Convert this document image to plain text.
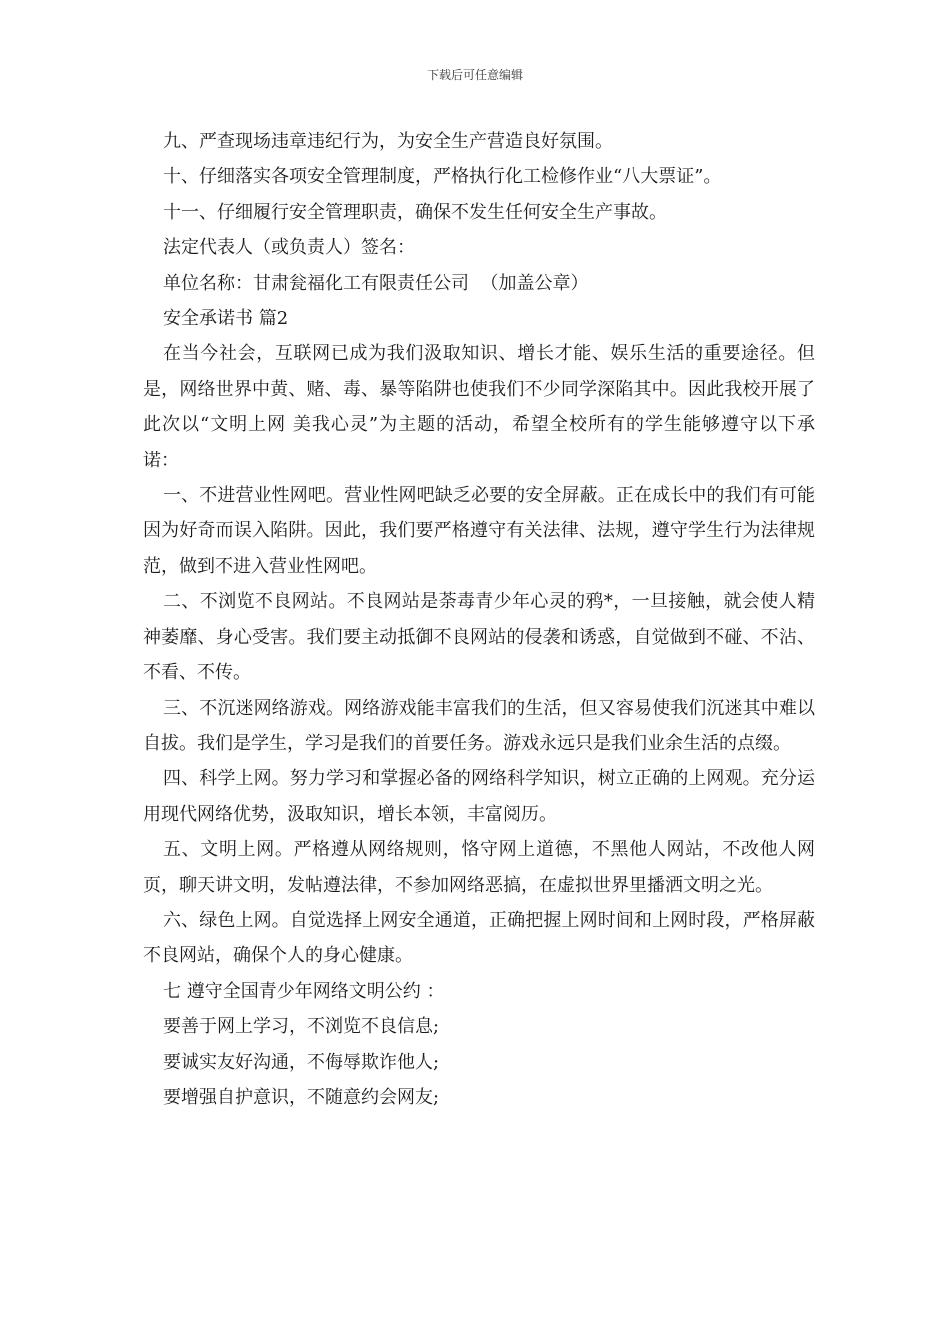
下载后可任意编辑

九、严查现场违章违纪行为，为安全生产营造良好氛围。

十、仔细落实各项安全管理制度，严格执行化工检修作业“八大票证”。

十一、仔细履行安全管理职责，确保不发生任何安全生产事故。

法定代表人（或负责人）签名：

单位名称：甘肃瓮福化工有限责任公司  （加盖公章）

安全承诺书 篇2

在当今社会，互联网已成为我们汲取知识、增长才能、娱乐生活的重要途径。但是，网络世界中黄、赌、毒、暴等陷阱也使我们不少同学深陷其中。因此我校开展了此次以“文明上网 美我心灵”为主题的活动，希望全校所有的学生能够遵守以下承诺：

一、不进营业性网吧。营业性网吧缺乏必要的安全屏蔽。正在成长中的我们有可能因为好奇而误入陷阱。因此，我们要严格遵守有关法律、法规，遵守学生行为法律规范，做到不进入营业性网吧。

二、不浏览不良网站。不良网站是荼毒青少年心灵的鸦*，一旦接触，就会使人精神萎靡、身心受害。我们要主动抵御不良网站的侵袭和诱惑，自觉做到不碰、不沾、不看、不传。

三、不沉迷网络游戏。网络游戏能丰富我们的生活，但又容易使我们沉迷其中难以自拔。我们是学生，学习是我们的首要任务。游戏永远只是我们业余生活的点缀。

四、科学上网。努力学习和掌握必备的网络科学知识，树立正确的上网观。充分运用现代网络优势，汲取知识，增长本领，丰富阅历。

五、文明上网。严格遵从网络规则，恪守网上道德，不黑他人网站，不改他人网页，聊天讲文明，发帖遵法律，不参加网络恶搞，在虚拟世界里播洒文明之光。

六、绿色上网。自觉选择上网安全通道，正确把握上网时间和上网时段，严格屏蔽不良网站，确保个人的身心健康。

七 遵守全国青少年网络文明公约 ：

要善于网上学习，不浏览不良信息;

要诚实友好沟通，不侮辱欺诈他人;

要增强自护意识，不随意约会网友;
